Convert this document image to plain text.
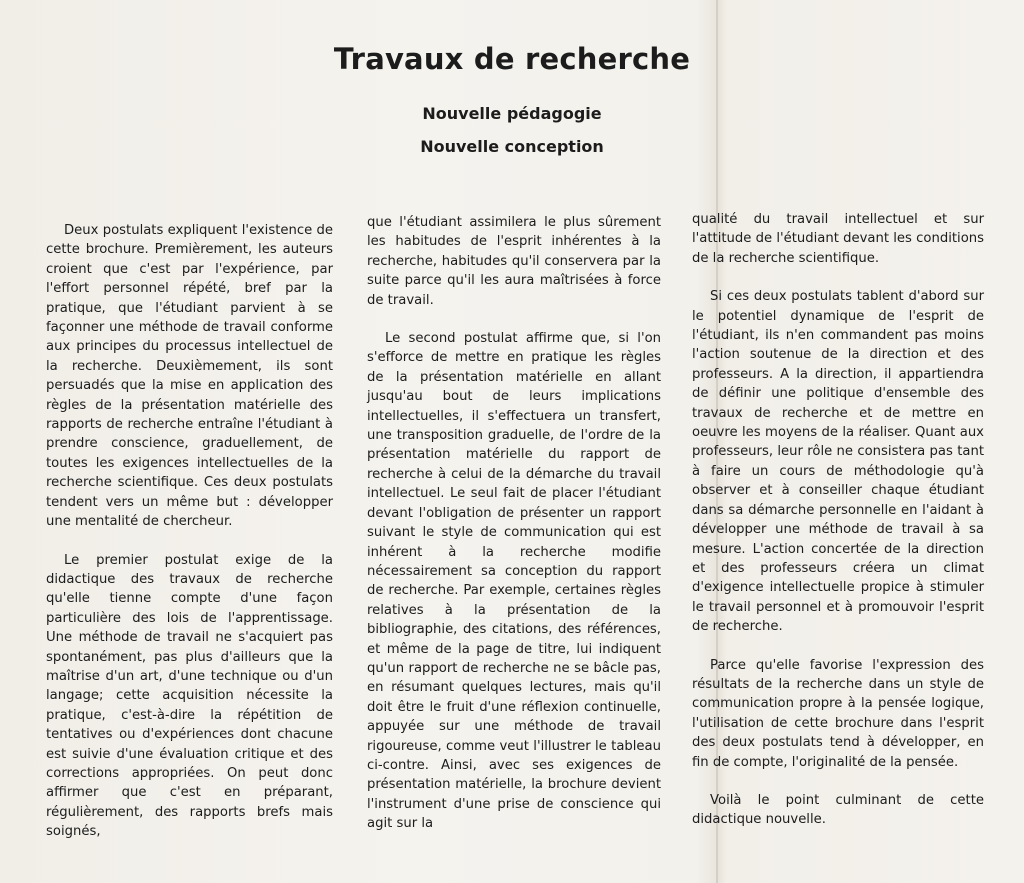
Travaux de recherche
Nouvelle pédagogie
Nouvelle conception

Deux postulats expliquent l'existence de cette brochure. Premièrement, les auteurs croient que c'est par l'expérience, par l'effort personnel répété, bref par la pratique, que l'étudiant parvient à se façonner une méthode de travail conforme aux principes du processus intellectuel de la recherche. Deuxièmement, ils sont persuadés que la mise en application des règles de la présentation matérielle des rapports de recherche entraîne l'étudiant à prendre conscience, graduellement, de toutes les exigences intellectuelles de la recherche scientifique. Ces deux postulats tendent vers un même but : développer une mentalité de chercheur.

Le premier postulat exige de la didactique des travaux de recherche qu'elle tienne compte d'une façon particulière des lois de l'apprentissage. Une méthode de travail ne s'acquiert pas spontanément, pas plus d'ailleurs que la maîtrise d'un art, d'une technique ou d'un langage; cette acquisition nécessite la pratique, c'est-à-dire la répétition de tentatives ou d'expériences dont chacune est suivie d'une évaluation critique et des corrections appropriées. On peut donc affirmer que c'est en préparant, régulièrement, des rapports brefs mais soignés,

que l'étudiant assimilera le plus sûrement les habitudes de l'esprit inhérentes à la recherche, habitudes qu'il conservera par la suite parce qu'il les aura maîtrisées à force de travail.

Le second postulat affirme que, si l'on s'efforce de mettre en pratique les règles de la présentation matérielle en allant jusqu'au bout de leurs implications intellectuelles, il s'effectuera un transfert, une transposition graduelle, de l'ordre de la présentation matérielle du rapport de recherche à celui de la démarche du travail intellectuel. Le seul fait de placer l'étudiant devant l'obligation de présenter un rapport suivant le style de communication qui est inhérent à la recherche modifie nécessairement sa conception du rapport de recherche. Par exemple, certaines règles relatives à la présentation de la bibliographie, des citations, des références, et même de la page de titre, lui indiquent qu'un rapport de recherche ne se bâcle pas, en résumant quelques lectures, mais qu'il doit être le fruit d'une réflexion continuelle, appuyée sur une méthode de travail rigoureuse, comme veut l'illustrer le tableau ci-contre. Ainsi, avec ses exigences de présentation matérielle, la brochure devient l'instrument d'une prise de conscience qui agit sur la

qualité du travail intellectuel et sur l'attitude de l'étudiant devant les conditions de la recherche scientifique.

Si ces deux postulats tablent d'abord sur le potentiel dynamique de l'esprit de l'étudiant, ils n'en commandent pas moins l'action soutenue de la direction et des professeurs. A la direction, il appartiendra de définir une politique d'ensemble des travaux de recherche et de mettre en oeuvre les moyens de la réaliser. Quant aux professeurs, leur rôle ne consistera pas tant à faire un cours de méthodologie qu'à observer et à conseiller chaque étudiant dans sa démarche personnelle en l'aidant à développer une méthode de travail à sa mesure. L'action concertée de la direction et des professeurs créera un climat d'exigence intellectuelle propice à stimuler le travail personnel et à promouvoir l'esprit de recherche.

Parce qu'elle favorise l'expression des résultats de la recherche dans un style de communication propre à la pensée logique, l'utilisation de cette brochure dans l'esprit des deux postulats tend à développer, en fin de compte, l'originalité de la pensée.

Voilà le point culminant de cette didactique nouvelle.
